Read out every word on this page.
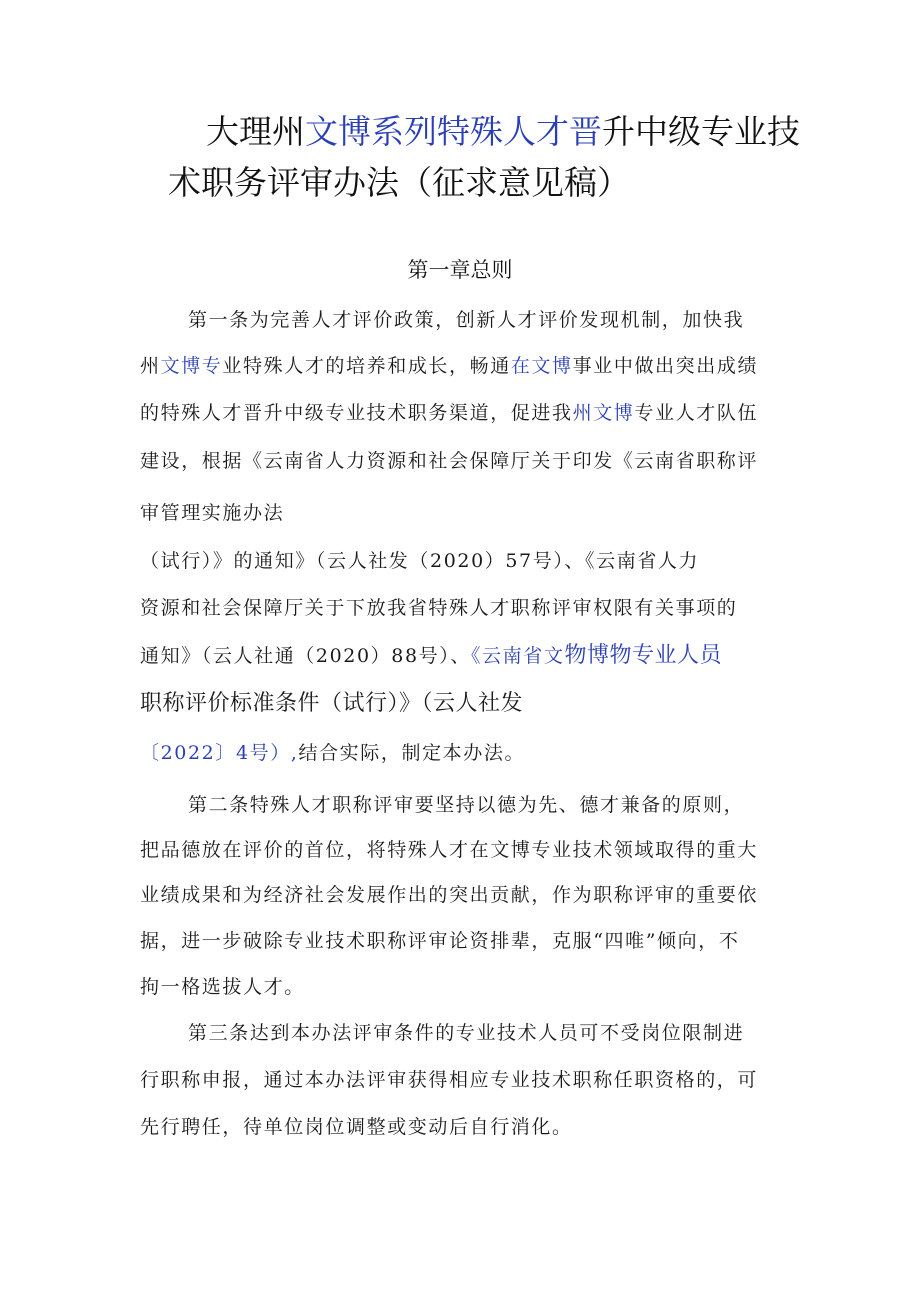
大理州文博系列特殊人才晋升中级专业技
术职务评审办法（征求意见稿）
第一章总则
第一条为完善人才评价政策，创新人才评价发现机制，加快我
州文博专业特殊人才的培养和成长，畅通在文博事业中做出突出成绩
的特殊人才晋升中级专业技术职务渠道，促进我州文博专业人才队伍
建设，根据《云南省人力资源和社会保障厅关于印发《云南省职称评
审管理实施办法
（试行）》的通知》（云人社发（2020）57号）、《云南省人力
资源和社会保障厅关于下放我省特殊人才职称评审权限有关事项的
通知》（云人社通（2020）88号）、《云南省文物博物专业人员
职称评价标准条件（试行）》（云人社发
〔2022〕4号）,结合实际，制定本办法。
第二条特殊人才职称评审要坚持以德为先、德才兼备的原则，
把品德放在评价的首位，将特殊人才在文博专业技术领域取得的重大
业绩成果和为经济社会发展作出的突出贡献，作为职称评审的重要依
据，进一步破除专业技术职称评审论资排辈，克服“四唯”倾向，不
拘一格选拔人才。
第三条达到本办法评审条件的专业技术人员可不受岗位限制进
行职称申报，通过本办法评审获得相应专业技术职称任职资格的，可
先行聘任，待单位岗位调整或变动后自行消化。
